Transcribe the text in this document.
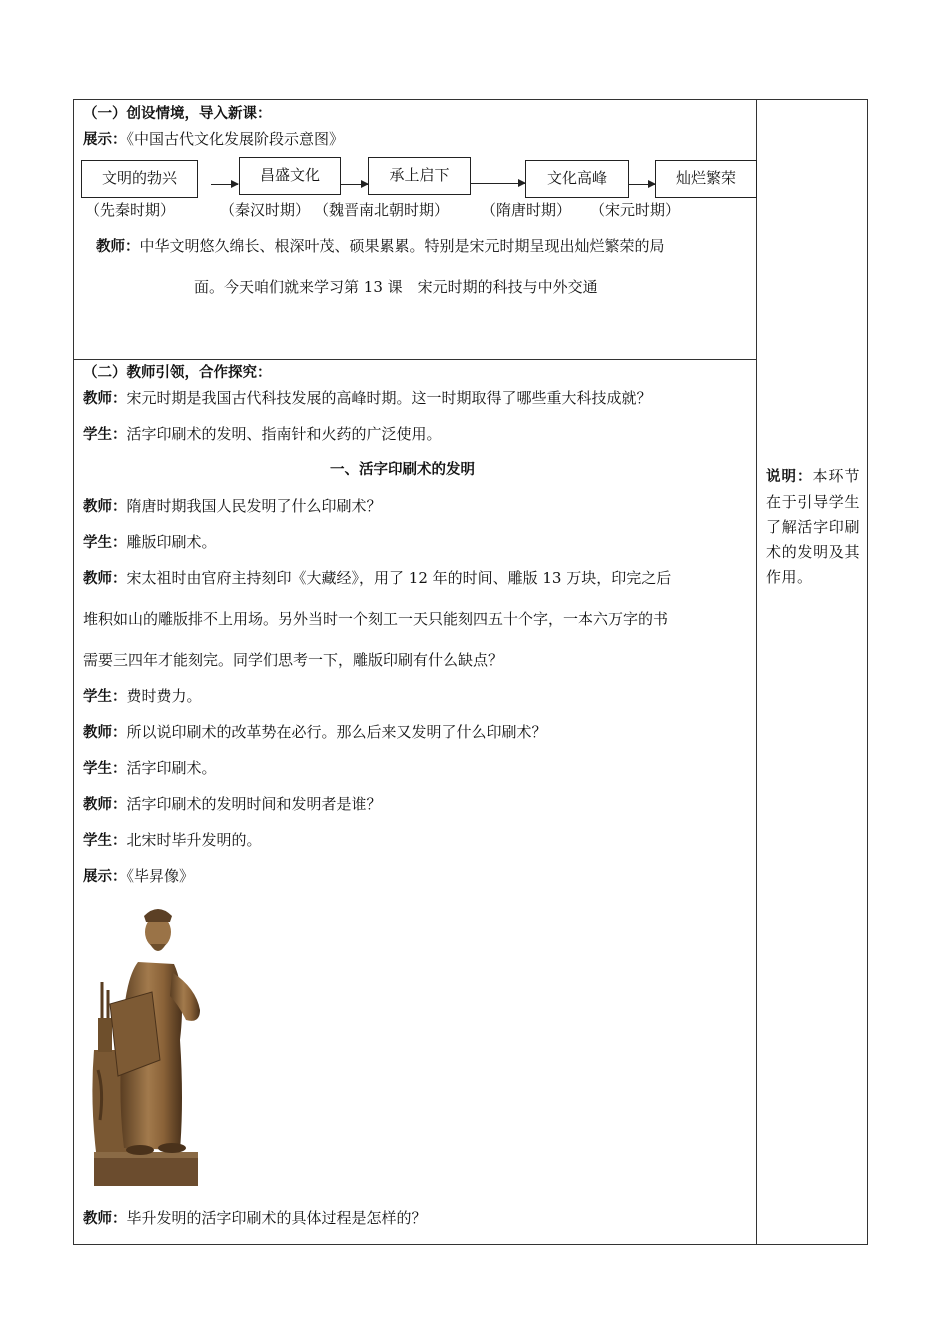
（一）创设情境，导入新课：
展示：《中国古代文化发展阶段示意图》
文明的勃兴	昌盛文化	承上启下	文化高峰	灿烂繁荣
（先秦时期）	（秦汉时期） （魏晋南北朝时期） （隋唐时期） （宋元时期）
教师：中华文明悠久绵长、根深叶茂、硕果累累。特别是宋元时期呈现出灿烂繁荣的局
面。今天咱们就来学习第 13 课　宋元时期的科技与中外交通
（二）教师引领，合作探究：
教师：宋元时期是我国古代科技发展的高峰时期。这一时期取得了哪些重大科技成就？
学生：活字印刷术的发明、指南针和火药的广泛使用。
一、活字印刷术的发明
教师：隋唐时期我国人民发明了什么印刷术？
学生：雕版印刷术。
教师：宋太祖时由官府主持刻印《大藏经》，用了 12 年的时间、雕版 13 万块，印完之后
堆积如山的雕版排不上用场。另外当时一个刻工一天只能刻四五十个字，一本六万字的书
需要三四年才能刻完。同学们思考一下，雕版印刷有什么缺点？
学生：费时费力。
教师：所以说印刷术的改革势在必行。那么后来又发明了什么印刷术？
学生：活字印刷术。
教师：活字印刷术的发明时间和发明者是谁？
学生：北宋时毕升发明的。
展示：《毕昇像》
教师：毕升发明的活字印刷术的具体过程是怎样的？
说明：本环节在于引导学生了解活字印刷术的发明及其作用。
